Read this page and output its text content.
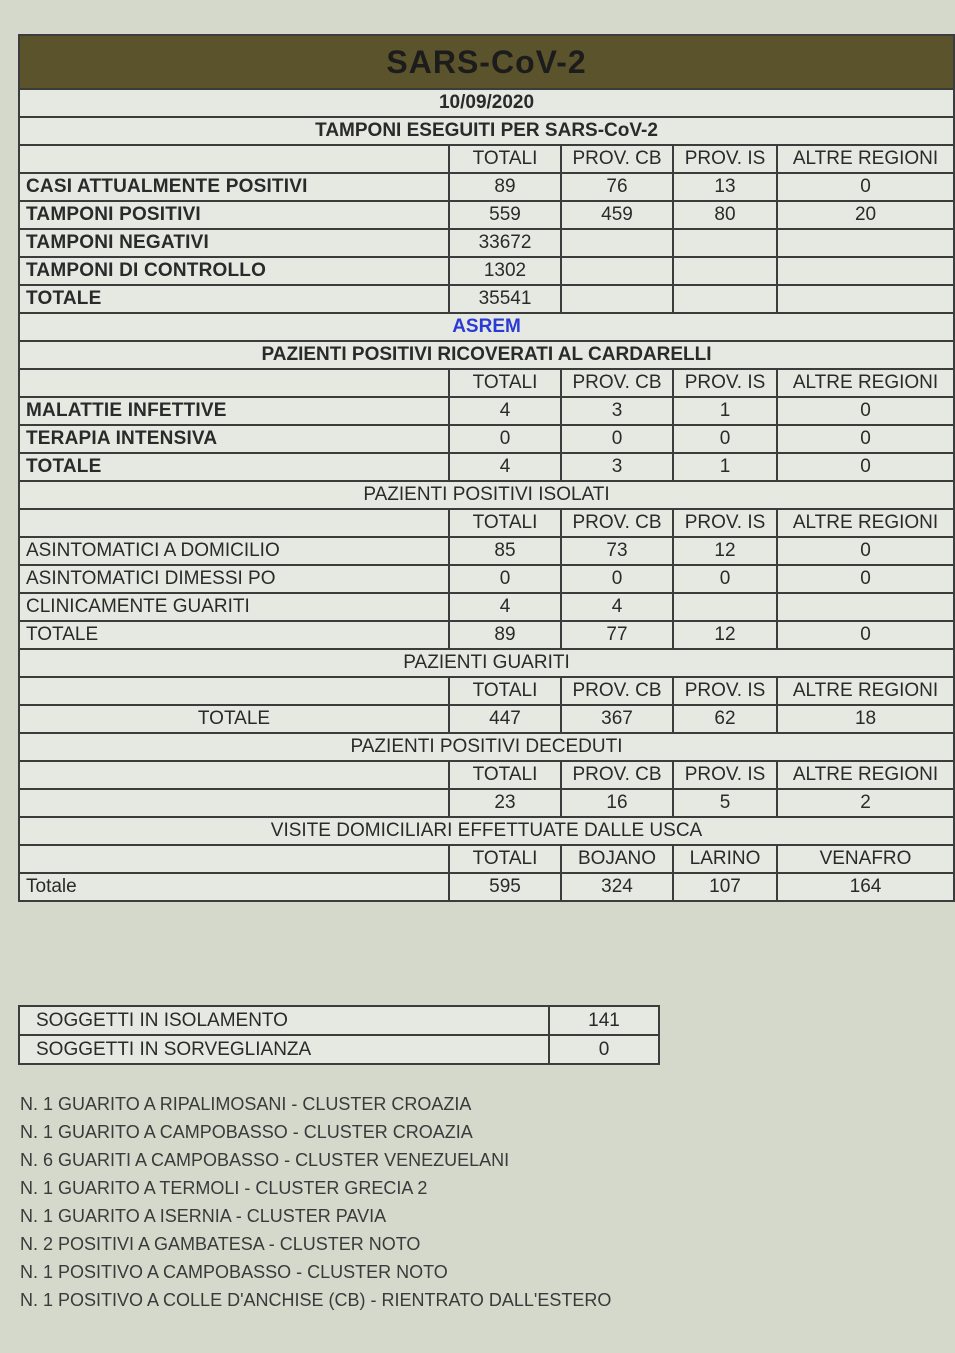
SARS-CoV-2				
10/09/2020				
TAMPONI ESEGUITI PER SARS-CoV-2				
	TOTALI	PROV. CB	PROV. IS	ALTRE REGIONI
CASI ATTUALMENTE POSITIVI	89	76	13	0
TAMPONI POSITIVI	559	459	80	20
TAMPONI NEGATIVI	33672			
TAMPONI DI CONTROLLO	1302			
TOTALE	35541			
ASREM				
PAZIENTI POSITIVI RICOVERATI AL CARDARELLI				
	TOTALI	PROV. CB	PROV. IS	ALTRE REGIONI
MALATTIE INFETTIVE	4	3	1	0
TERAPIA INTENSIVA	0	0	0	0
TOTALE	4	3	1	0
PAZIENTI POSITIVI ISOLATI				
	TOTALI	PROV. CB	PROV. IS	ALTRE REGIONI
ASINTOMATICI A DOMICILIO	85	73	12	0
ASINTOMATICI DIMESSI PO	0	0	0	0
CLINICAMENTE GUARITI	4	4		
TOTALE	89	77	12	0
PAZIENTI GUARITI				
	TOTALI	PROV. CB	PROV. IS	ALTRE REGIONI
TOTALE	447	367	62	18
PAZIENTI POSITIVI DECEDUTI				
	TOTALI	PROV. CB	PROV. IS	ALTRE REGIONI
	23	16	5	2
VISITE DOMICILIARI EFFETTUATE DALLE USCA				
	TOTALI	BOJANO	LARINO	VENAFRO
Totale	595	324	107	164
SOGGETTI IN ISOLAMENTO	141
SOGGETTI IN SORVEGLIANZA	0
N. 1 GUARITO A RIPALIMOSANI - CLUSTER CROAZIA
N. 1 GUARITO A CAMPOBASSO - CLUSTER CROAZIA
N. 6 GUARITI A CAMPOBASSO - CLUSTER VENEZUELANI
N. 1 GUARITO A TERMOLI - CLUSTER GRECIA 2
N. 1 GUARITO A ISERNIA - CLUSTER PAVIA
N. 2 POSITIVI A GAMBATESA - CLUSTER NOTO
N. 1 POSITIVO A CAMPOBASSO - CLUSTER NOTO
N. 1 POSITIVO A COLLE D'ANCHISE (CB) - RIENTRATO DALL'ESTERO
